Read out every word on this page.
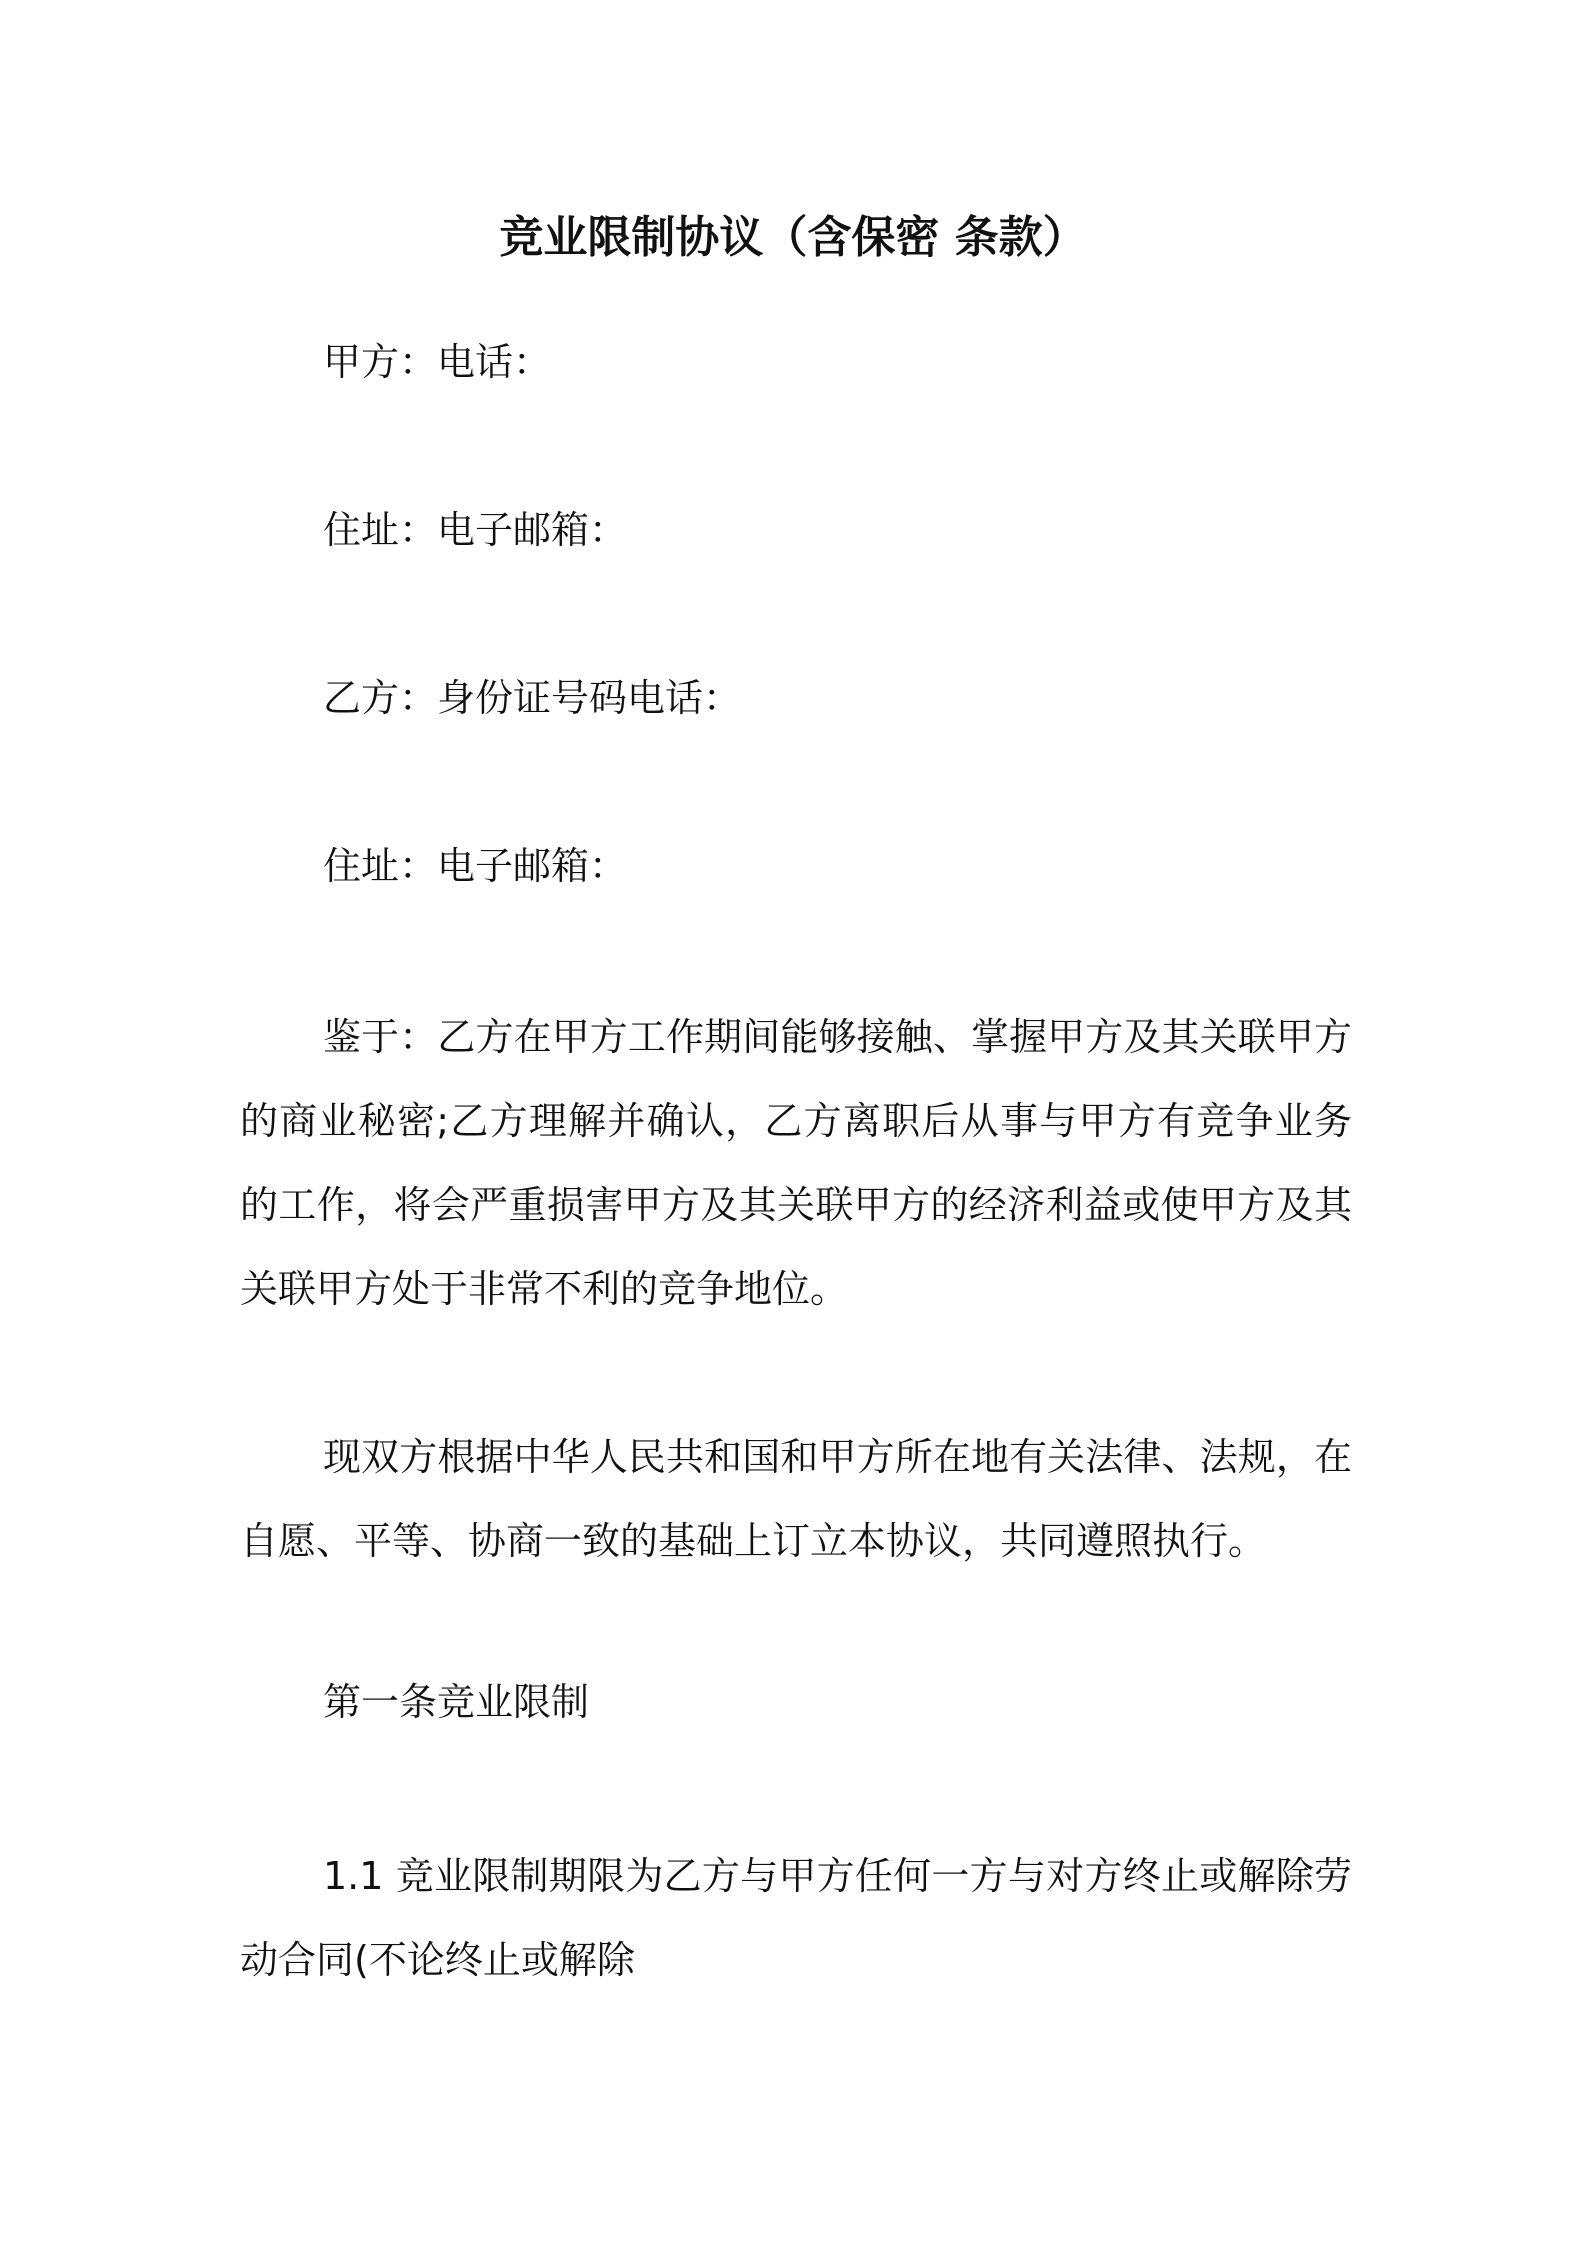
竞业限制协议（含保密 条款）
甲方：电话：
住址：电子邮箱：
乙方：身份证号码电话：
住址：电子邮箱：
鉴于：乙方在甲方工作期间能够接触、掌握甲方及其关联甲方的商业秘密;乙方理解并确认，乙方离职后从事与甲方有竞争业务的工作，将会严重损害甲方及其关联甲方的经济利益或使甲方及其关联甲方处于非常不利的竞争地位。
现双方根据中华人民共和国和甲方所在地有关法律、法规，在自愿、平等、协商一致的基础上订立本协议，共同遵照执行。
第一条竞业限制
1.1 竞业限制期限为乙方与甲方任何一方与对方终止或解除劳动合同(不论终止或解除
